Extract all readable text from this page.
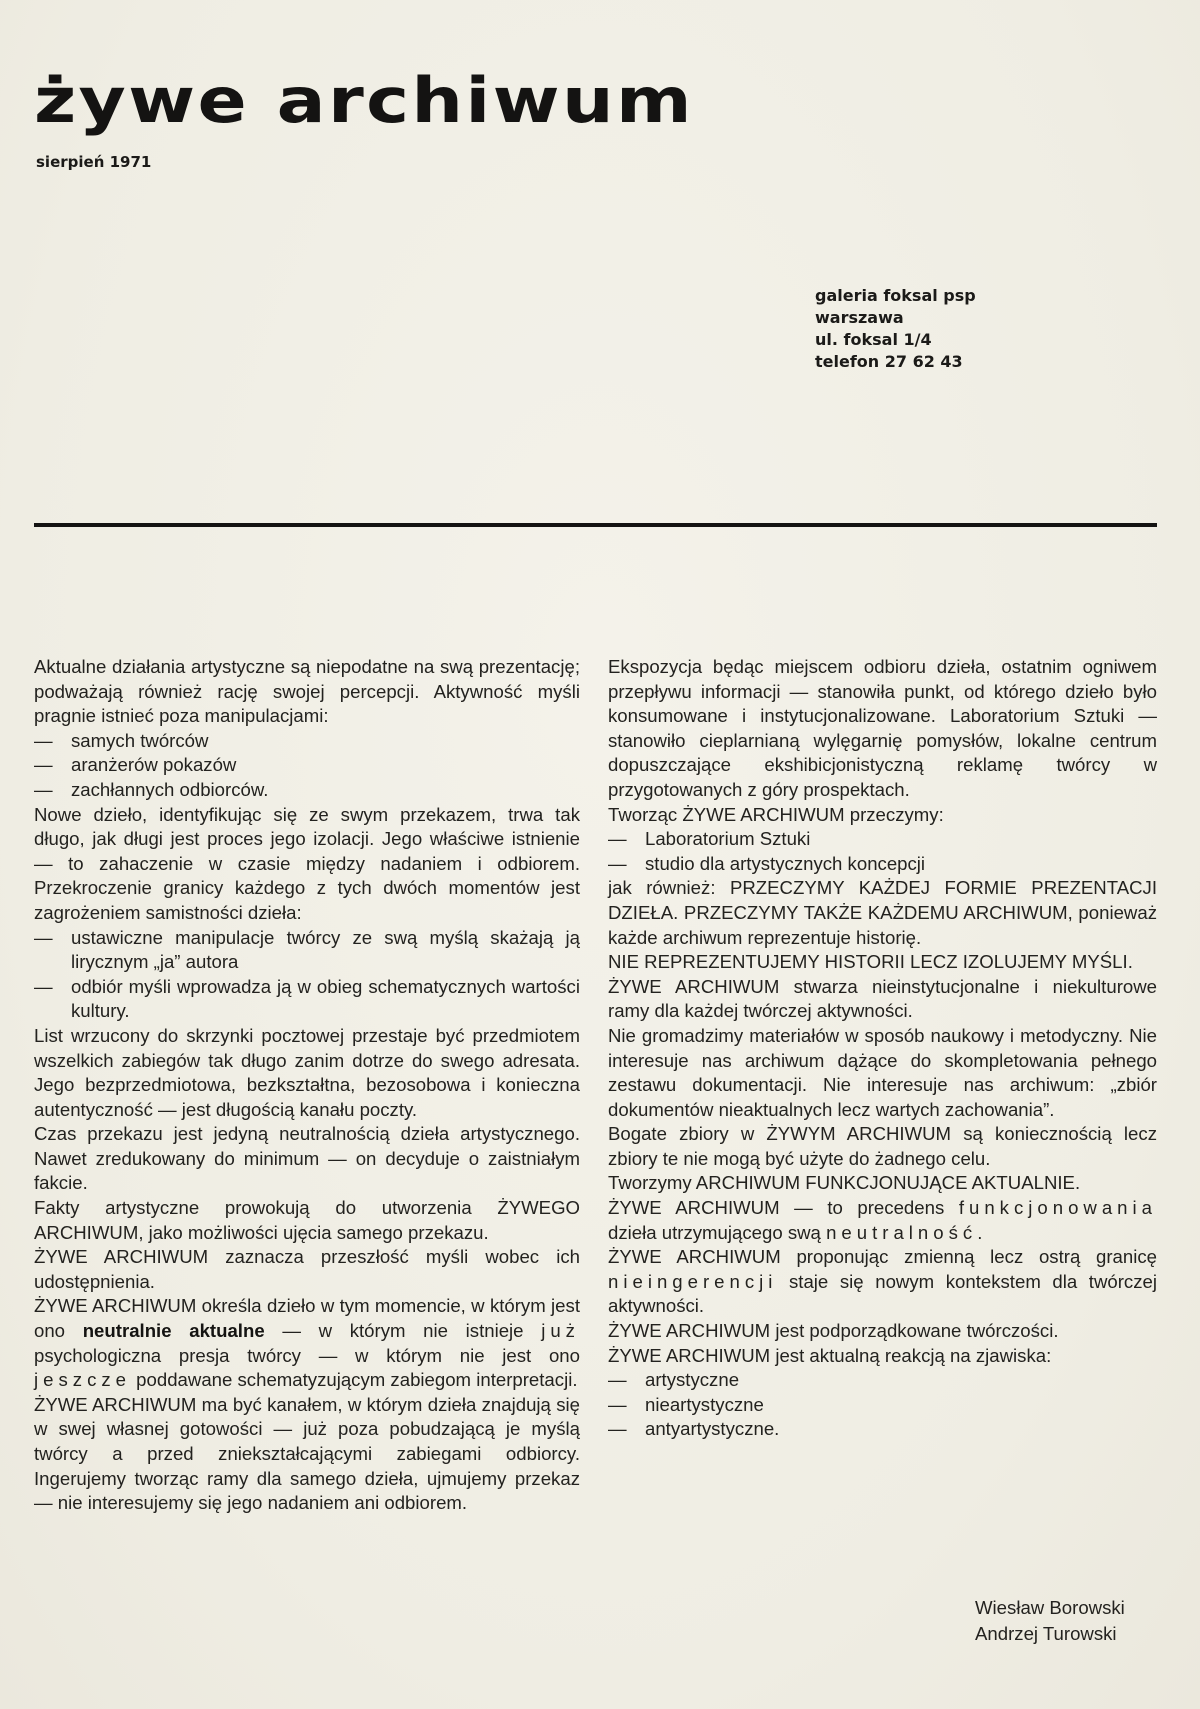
żywe archiwum
sierpień 1971
galeria foksal psp
warszawa
ul. foksal 1/4
telefon 27 62 43

Aktualne działania artystyczne są niepodatne na swą prezentację; podważają również rację swojej percepcji. Aktywność myśli pragnie istnieć poza manipulacjami:

— samych twórców

— aranżerów pokazów

— zachłannych odbiorców.

Nowe dzieło, identyfikując się ze swym przekazem, trwa tak długo, jak długi jest proces jego izolacji. Jego właściwe istnienie — to zahaczenie w czasie między nadaniem i odbiorem. Przekroczenie granicy każdego z tych dwóch momentów jest zagrożeniem samistności dzieła:

— ustawiczne manipulacje twórcy ze swą myślą skażają ją lirycznym „ja” autora

— odbiór myśli wprowadza ją w obieg schematycznych wartości kultury.

List wrzucony do skrzynki pocztowej przestaje być przedmiotem wszelkich zabiegów tak długo zanim dotrze do swego adresata. Jego bezprzedmiotowa, bezkształtna, bezosobowa i konieczna autentyczność — jest długością kanału poczty.

Czas przekazu jest jedyną neutralnością dzieła artystycznego. Nawet zredukowany do minimum — on decyduje o zaistniałym fakcie.

Fakty artystyczne prowokują do utworzenia ŻYWEGO ARCHIWUM, jako możliwości ujęcia samego przekazu.

ŻYWE ARCHIWUM zaznacza przeszłość myśli wobec ich udostępnienia.

ŻYWE ARCHIWUM określa dzieło w tym momencie, w którym jest ono neutralnie aktualne — w którym nie istnieje już psychologiczna presja twórcy — w którym nie jest ono jeszcze poddawane schematyzującym zabiegom interpretacji.

ŻYWE ARCHIWUM ma być kanałem, w którym dzieła znajdują się w swej własnej gotowości — już poza pobudzającą je myślą twórcy a przed zniekształcającymi zabiegami odbiorcy. Ingerujemy tworząc ramy dla samego dzieła, ujmujemy przekaz — nie interesujemy się jego nadaniem ani odbiorem.

Ekspozycja będąc miejscem odbioru dzieła, ostatnim ogniwem przepływu informacji — stanowiła punkt, od którego dzieło było konsumowane i instytucjonalizowane. Laboratorium Sztuki — stanowiło cieplarnianą wylęgarnię pomysłów, lokalne centrum dopuszczające ekshibicjonistyczną reklamę twórcy w przygotowanych z góry prospektach.

Tworząc ŻYWE ARCHIWUM przeczymy:

— Laboratorium Sztuki

— studio dla artystycznych koncepcji

jak również: PRZECZYMY KAŻDEJ FORMIE PREZENTACJI DZIEŁA. PRZECZYMY TAKŻE KAŻDEMU ARCHIWUM, ponieważ każde archiwum reprezentuje historię.

NIE REPREZENTUJEMY HISTORII LECZ IZOLUJEMY MYŚLI.

ŻYWE ARCHIWUM stwarza nieinstytucjonalne i niekulturowe ramy dla każdej twórczej aktywności.

Nie gromadzimy materiałów w sposób naukowy i metodyczny. Nie interesuje nas archiwum dążące do skompletowania pełnego zestawu dokumentacji. Nie interesuje nas archiwum: „zbiór dokumentów nieaktualnych lecz wartych zachowania”.

Bogate zbiory w ŻYWYM ARCHIWUM są koniecznością lecz zbiory te nie mogą być użyte do żadnego celu.

Tworzymy ARCHIWUM FUNKCJONUJĄCE AKTUALNIE.

ŻYWE ARCHIWUM — to precedens funkcjonowania dzieła utrzymującego swą neutralność.

ŻYWE ARCHIWUM proponując zmienną lecz ostrą granicę nieingerencji staje się nowym kontekstem dla twórczej aktywności.

ŻYWE ARCHIWUM jest podporządkowane twórczości.

ŻYWE ARCHIWUM jest aktualną reakcją na zjawiska:

— artystyczne

— nieartystyczne

— antyartystyczne.

Wiesław Borowski
Andrzej Turowski
